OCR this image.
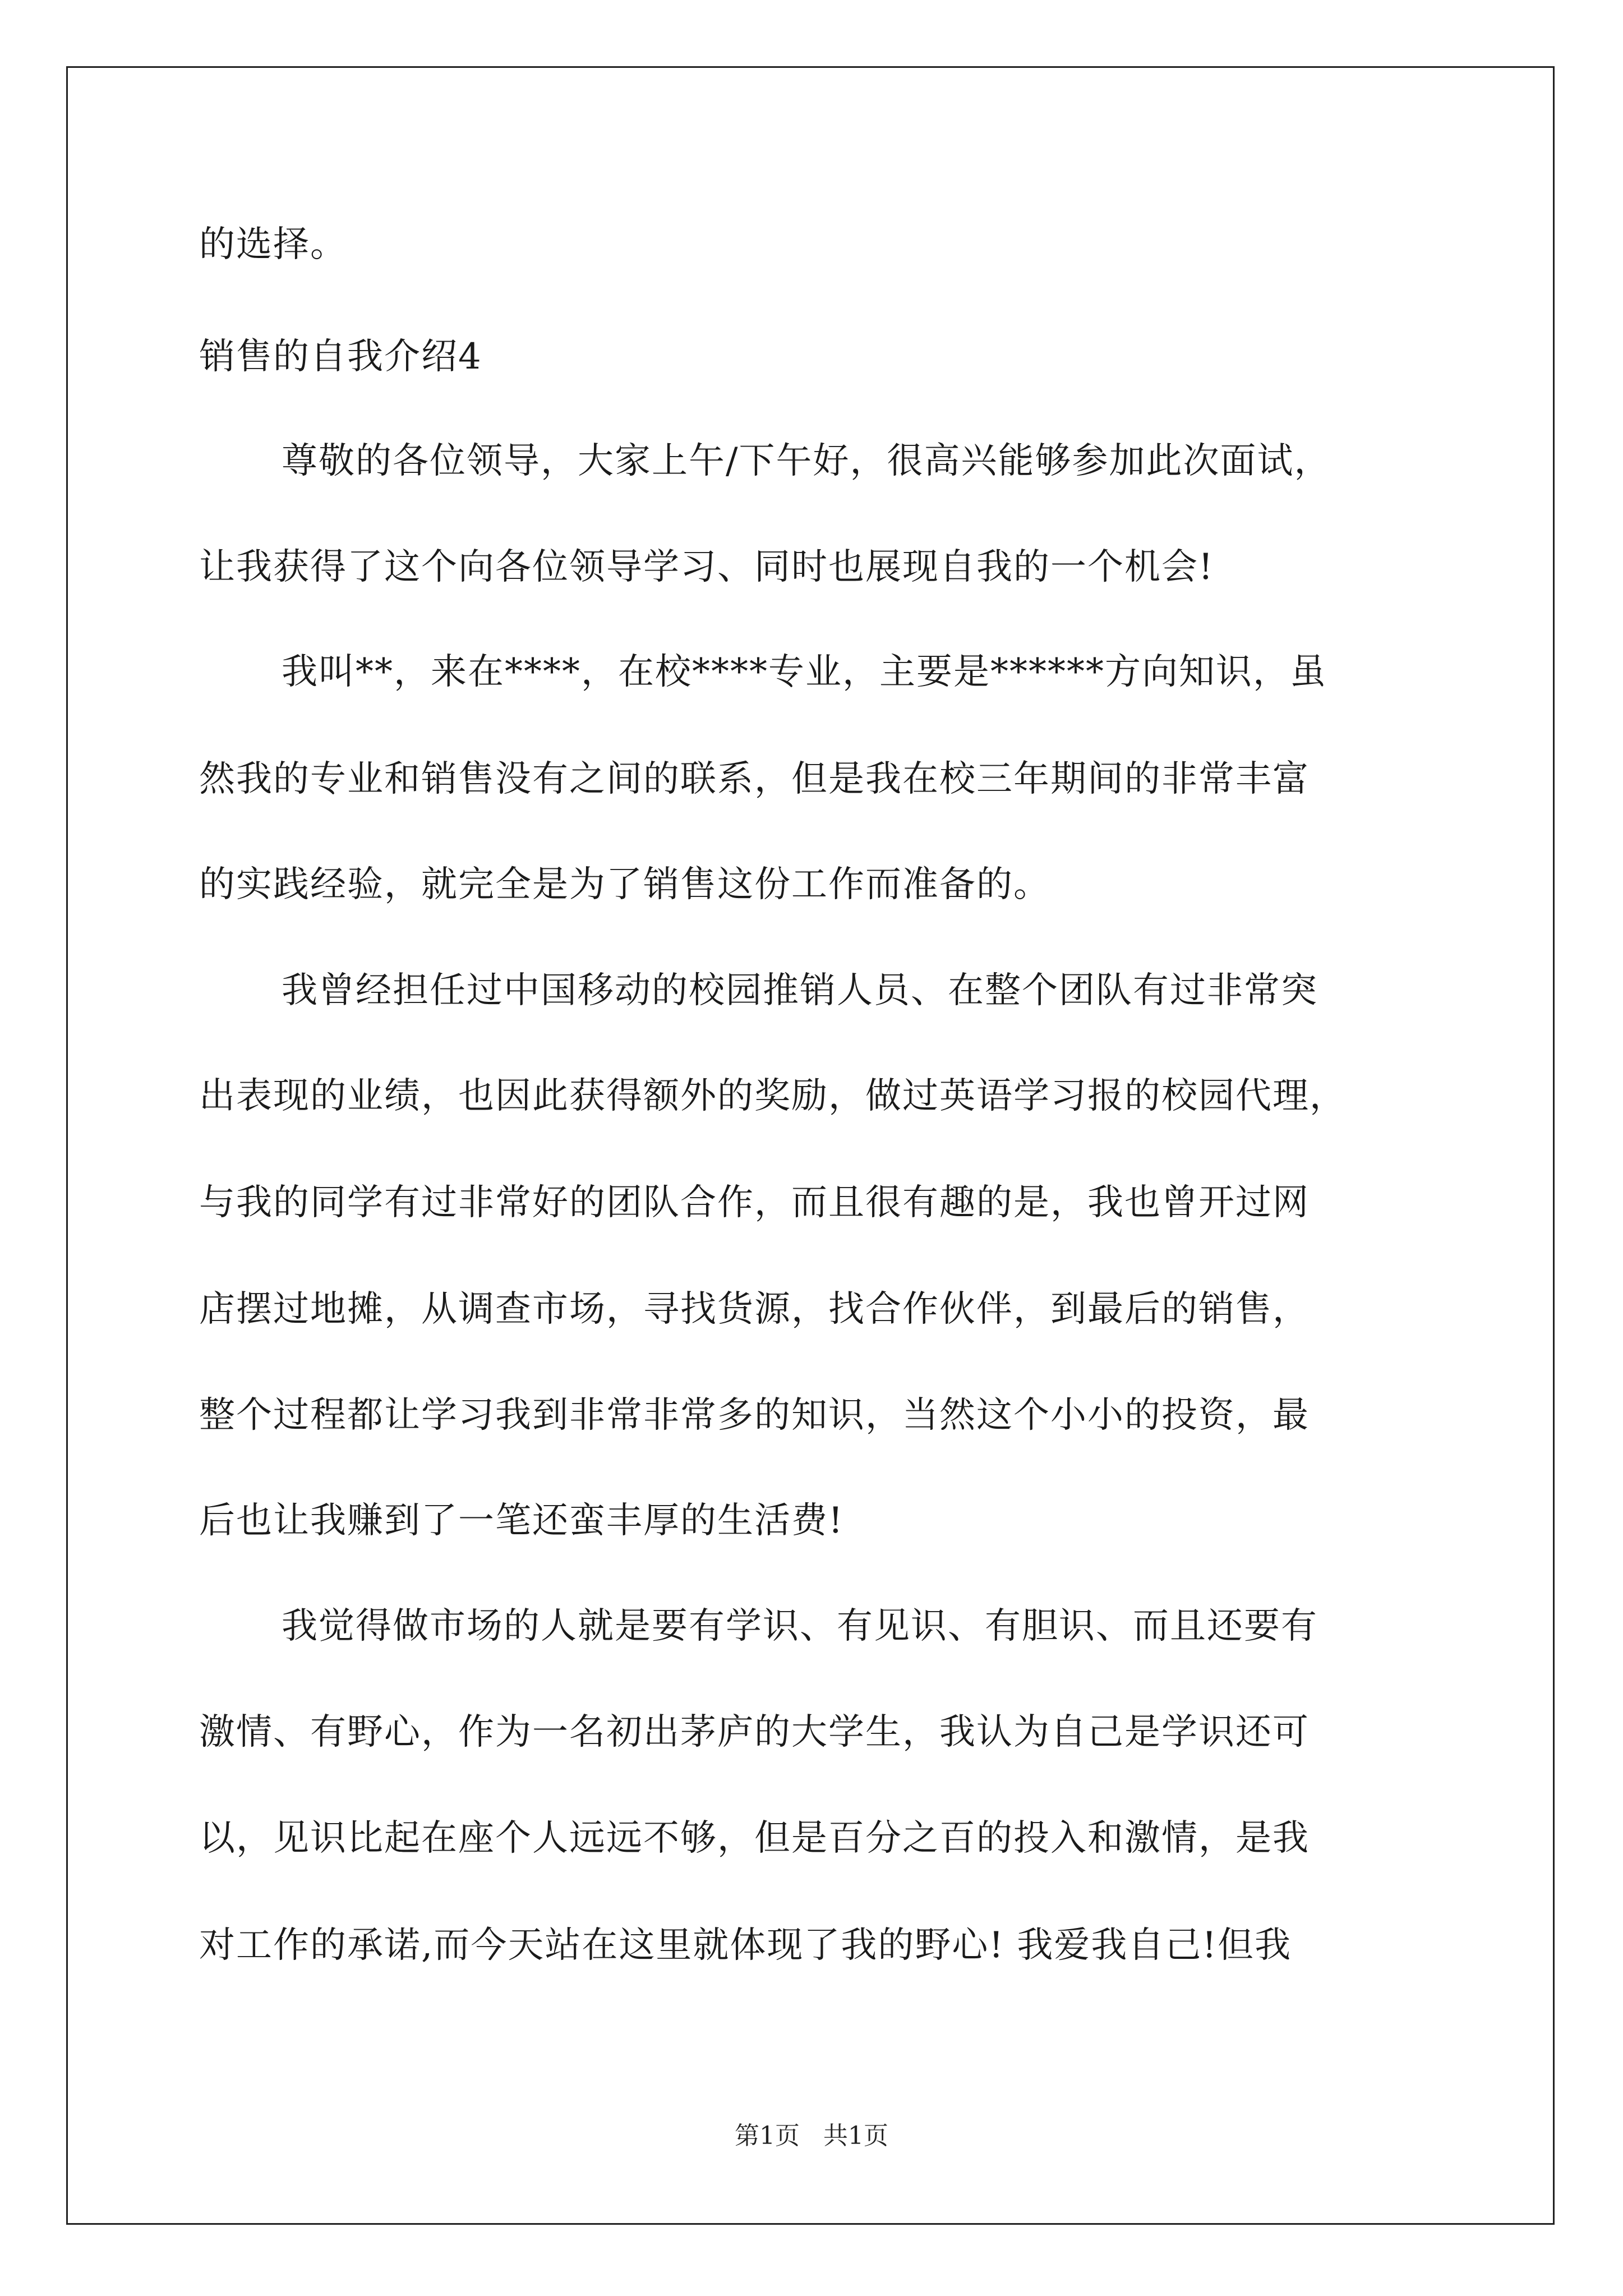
的选择。
销售的自我介绍4
尊敬的各位领导，大家上午/下午好，很高兴能够参加此次面试，
让我获得了这个向各位领导学习、同时也展现自我的一个机会!
我叫**，来在****，在校****专业，主要是******方向知识，虽
然我的专业和销售没有之间的联系，但是我在校三年期间的非常丰富
的实践经验，就完全是为了销售这份工作而准备的。
我曾经担任过中国移动的校园推销人员、在整个团队有过非常突
出表现的业绩，也因此获得额外的奖励，做过英语学习报的校园代理，
与我的同学有过非常好的团队合作，而且很有趣的是，我也曾开过网
店摆过地摊，从调查市场，寻找货源，找合作伙伴，到最后的销售，
整个过程都让学习我到非常非常多的知识，当然这个小小的投资，最
后也让我赚到了一笔还蛮丰厚的生活费!
我觉得做市场的人就是要有学识、有见识、有胆识、而且还要有
激情、有野心，作为一名初出茅庐的大学生，我认为自己是学识还可
以，见识比起在座个人远远不够，但是百分之百的投入和激情，是我
对工作的承诺,而今天站在这里就体现了我的野心! 我爱我自己!但我
第1页   共1页
